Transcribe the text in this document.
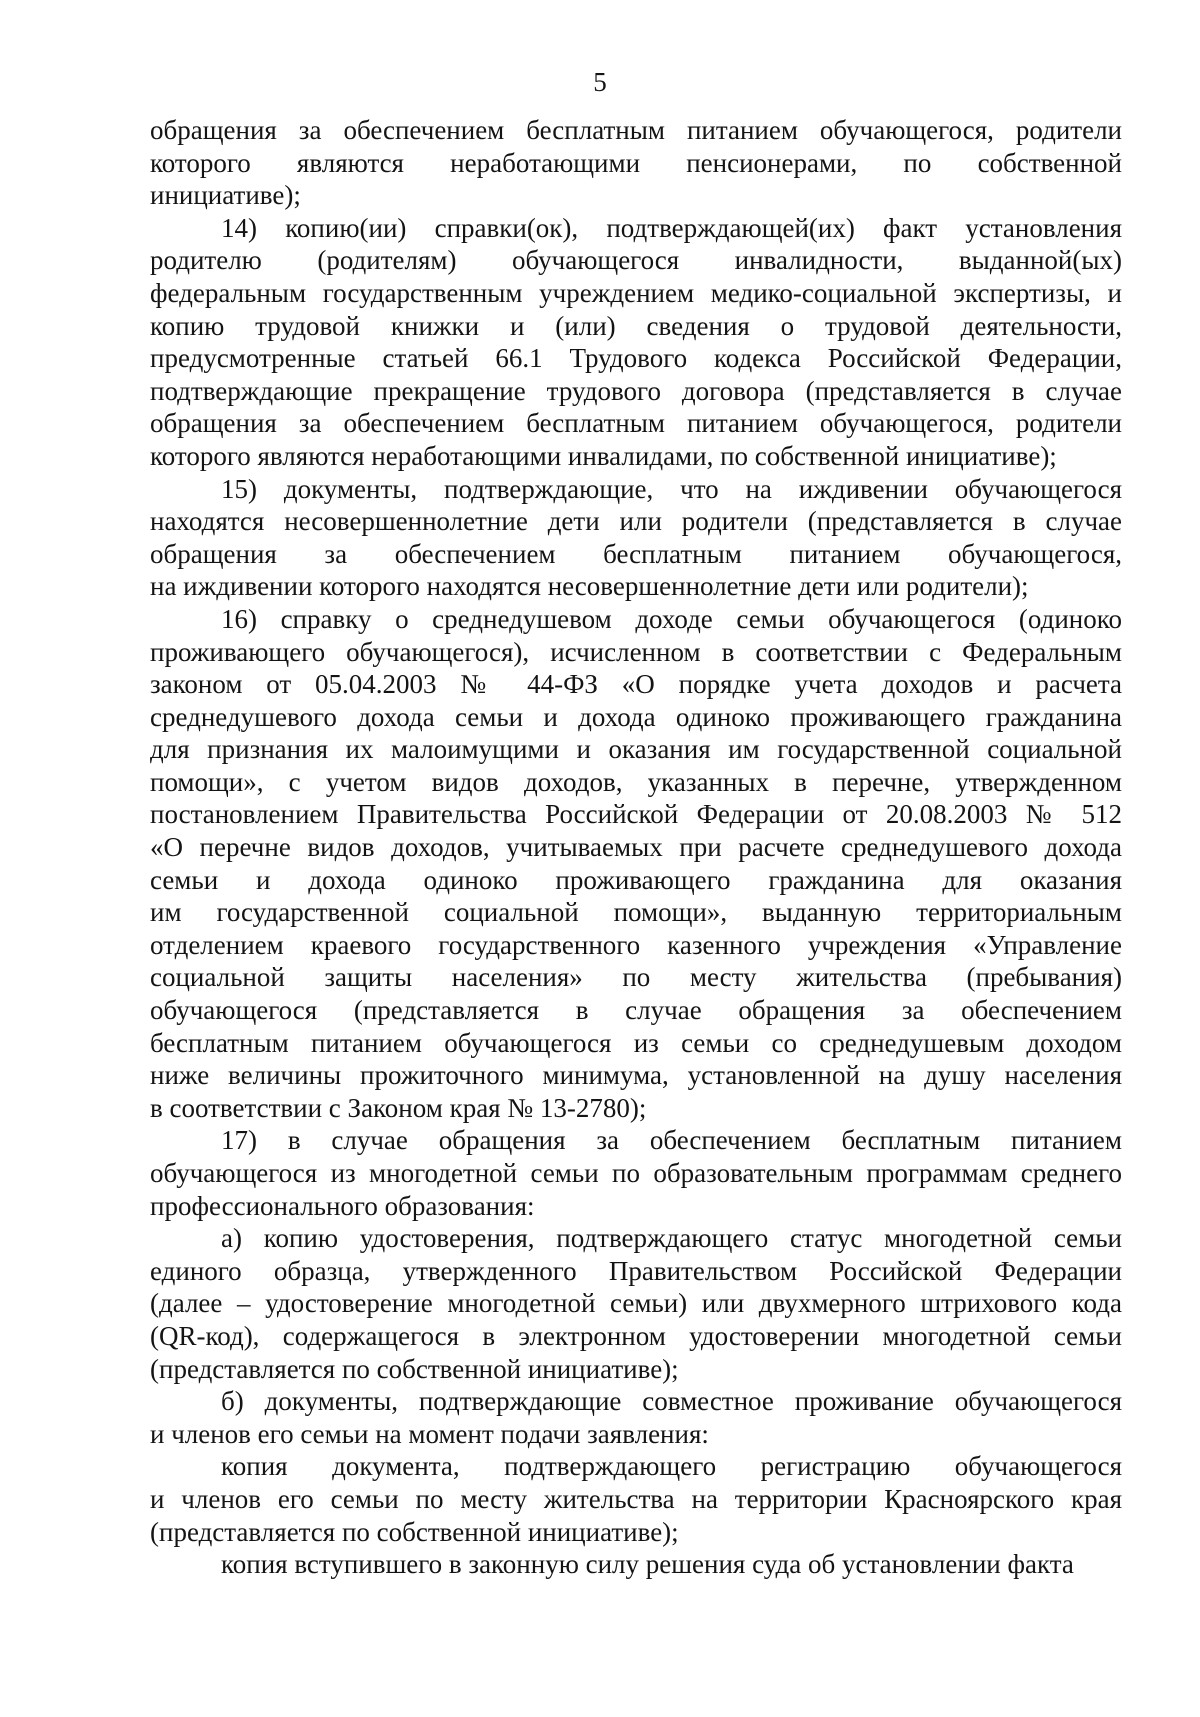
5

обращения за обеспечением бесплатным питанием обучающегося, родители
которого являются неработающими пенсионерами, по собственной
инициативе);

14) копию(ии) справки(ок), подтверждающей(их) факт установления
родителю (родителям) обучающегося инвалидности, выданной(ых)
федеральным государственным учреждением медико-социальной экспертизы, и
копию трудовой книжки и (или) сведения о трудовой деятельности,
предусмотренные статьей 66.1 Трудового кодекса Российской Федерации,
подтверждающие прекращение трудового договора (представляется в случае
обращения за обеспечением бесплатным питанием обучающегося, родители
которого являются неработающими инвалидами, по собственной инициативе);

15) документы, подтверждающие, что на иждивении обучающегося
находятся несовершеннолетние дети или родители (представляется в случае
обращения за обеспечением бесплатным питанием обучающегося,
на иждивении которого находятся несовершеннолетние дети или родители);

16) справку о среднедушевом доходе семьи обучающегося (одиноко
проживающего обучающегося), исчисленном в соответствии с Федеральным
законом от 05.04.2003 № 44-ФЗ «О порядке учета доходов и расчета
среднедушевого дохода семьи и дохода одиноко проживающего гражданина
для признания их малоимущими и оказания им государственной социальной
помощи», с учетом видов доходов, указанных в перечне, утвержденном
постановлением Правительства Российской Федерации от 20.08.2003 № 512
«О перечне видов доходов, учитываемых при расчете среднедушевого дохода
семьи и дохода одиноко проживающего гражданина для оказания
им государственной социальной помощи», выданную территориальным
отделением краевого государственного казенного учреждения «Управление
социальной защиты населения» по месту жительства (пребывания)
обучающегося (представляется в случае обращения за обеспечением
бесплатным питанием обучающегося из семьи со среднедушевым доходом
ниже величины прожиточного минимума, установленной на душу населения
в соответствии с Законом края № 13-2780);

17) в случае обращения за обеспечением бесплатным питанием
обучающегося из многодетной семьи по образовательным программам среднего
профессионального образования:

а) копию удостоверения, подтверждающего статус многодетной семьи
единого образца, утвержденного Правительством Российской Федерации
(далее – удостоверение многодетной семьи) или двухмерного штрихового кода
(QR-код), содержащегося в электронном удостоверении многодетной семьи
(представляется по собственной инициативе);

б) документы, подтверждающие совместное проживание обучающегося
и членов его семьи на момент подачи заявления:

копия документа, подтверждающего регистрацию обучающегося
и членов его семьи по месту жительства на территории Красноярского края
(представляется по собственной инициативе);

копия вступившего в законную силу решения суда об установлении факта
